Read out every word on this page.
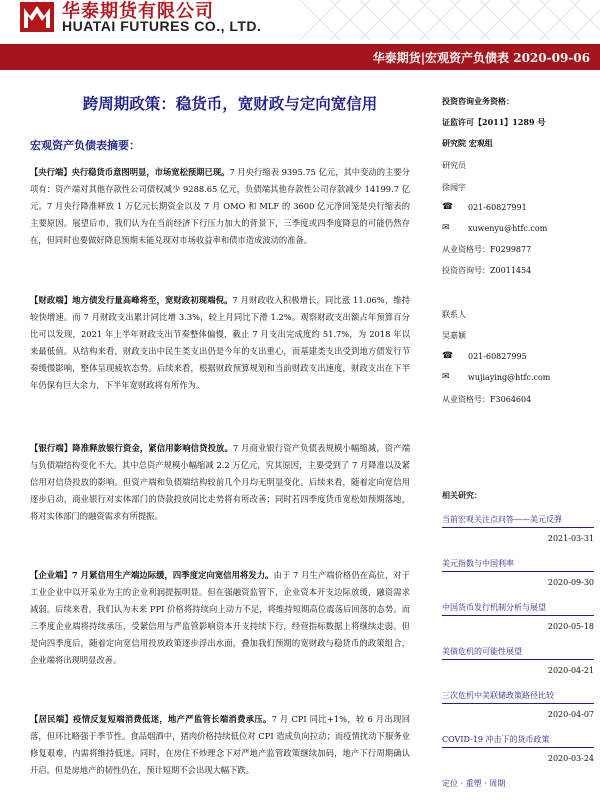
华泰期货有限公司
HUATAI FUTURES CO., LTD.
华泰期货|宏观资产负债表 2020-09-06
跨周期政策：稳货币，宽财政与定向宽信用
宏观资产负债表摘要：
【央行端】央行稳货币意图明显，市场宽松预期已现。7 月央行缩表 9395.75 亿元，其中变动的主要分项有：资产端对其他存款性公司债权减少 9288.65 亿元，负债端其他存款性公司存款减少 14199.7 亿元。7 月央行降准释放 1 万亿元长期资金以及 7 月 OMO 和 MLF 的 3600 亿元净回笼是央行缩表的主要原因。展望后市，我们认为在当前经济下行压力加大的背景下，三季度或四季度降息的可能仍然存在，但同时也要做好降息预期未能兑现对市场收益率和债市造成波动的准备。
【财政端】地方债发行量高峰将至，宽财政初现端倪。7 月财政收入积极增长，同比涨 11.06%，维持较快增速。而 7 月财政支出累计同比增 3.3%，较上月同比下滑 1.2%。观察财政支出额占年预算百分比可以发现，2021 年上半年财政支出节奏整体偏慢，截止 7 月支出完成度约 51.7%，为 2018 年以来最低值。从结构来看，财政支出中民生类支出仍是今年的支出重心，而基建类支出受到地方债发行节奏缓慢影响，整体呈现疲软态势。后续来看，根据财政预算规划和当前财政支出速度，财政支出在下半年仍保有巨大余力，下半年宽财政将有所作为。
【银行端】降准释放银行资金，紧信用影响信贷投放。7 月商业银行资产负债表规模小幅缩减，资产端与负债端结构变化不大。其中总资产规模小幅缩减 2.2 万亿元，究其原因，主要受到了 7 月降准以及紧信用对信贷投放的影响。但资产端和负债端结构较前几个月均无明显变化。后续来看，随着定向宽信用逐步启动，商业银行对实体部门的贷款投放同比走势将有所改善；同时若四季度货币宽松如预期落地，将对实体部门的融资需求有所提振。
【企业端】7 月紧信用生产端边际缓，四季度定向宽信用将发力。由于 7 月生产端价格仍在高位，对于工业企业中以开采业为主的企业利润提振明显。但在强融资监管下，企业资本开支边际放缓，融资需求减弱。后续来看，我们认为未来 PPI 价格将持续向上动力不足，将维持短期高位震荡后回落的态势。而三季度企业端将持续承压，受紧信用与严监管影响资本开支持续下行，经营指标数据上将继续走弱。但是向四季度后，随着定向宽信用投放政策逐步浮出水面，叠加我们预期的宽财政与稳货币的政策组合，企业端将出现明显改善。
【居民端】疫情反复短端消费低迷，地产严监管长端消费承压。7 月 CPI 同比+1%，较 6 月出现回落，但环比略强于季节性。食品烟酒中，猪肉价格持续低位对 CPI 造成负向拉动；而疫情扰动下服务业修复艰难，内需将维持低迷。同时，在房住不炒理念下对严地产监管政策继续加码，地产下行周期确认开启。但是房地产的韧性仍在，预计短期不会出现大幅下跌。
投资咨询业务资格：
证监许可【2011】1289 号
研究院 宏观组
研究员
徐闻宇
☎ 021-60827991
✉ xuwenyu@htfc.com
从业资格号：F0299877
投资咨询号：Z0011454
联系人
吴嘉颖
☎ 021-60827995
✉ wujiaying@htfc.com
从业资格号：F3064604
相关研究：
当前宏观关注点问答——美元反弹
2021-03-31
美元指数与中国利率
2020-09-30
中国货币发行机制分析与展望
2020-05-18
美债危机的可能性展望
2020-04-21
三次危机中美联储政策路径比较
2020-04-07
COVID-19 冲击下的货币政策
2020-03-24
定位 · 重塑 · 周期
